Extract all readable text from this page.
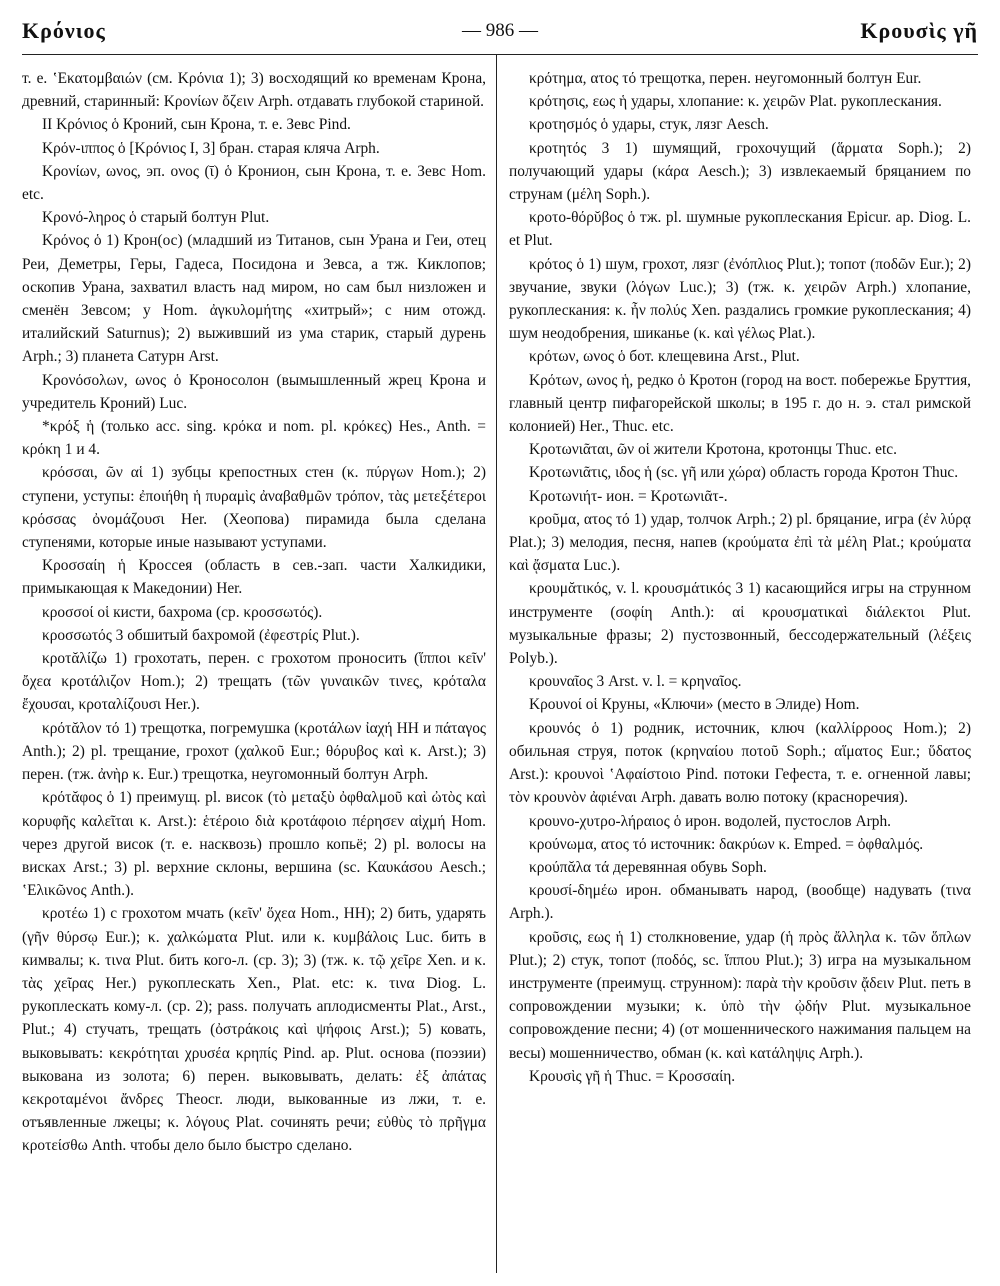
Κρόνιος	— 986 —	Κρουσὶς γῆ

т. е. ʽΕκατομβαιών (см. Κρόνια 1); 3) восходящий ко временам Крона, древний, старинный: Κρονίων ὄζειν Arph. отдавать глубокой стариной.

II Κρόνιος ὁ Кроний, сын Крона, т. е. Зевс Pind.

Κρόν-ιππος ὁ [Κρόνιος I, 3] бран. старая кляча Arph.

Κρονίων, ωνος, эп. ονος (ῑ) ὁ Кронион, сын Крона, т. е. Зевс Hom. etc.

Κρονό-ληρος ὁ старый болтун Plut.

Κρόνος ὁ 1) Крон(ос) (младший из Титанов, сын Урана и Геи, отец Реи, Деметры, Геры, Гадеса, Посидона и Зевса, а тж. Киклопов; оскопив Урана, захватил власть над миром, но сам был низложен и сменён Зевсом; у Hom. ἀγκυλομήτης «хитрый»; с ним отожд. италийский Saturnus); 2) выживший из ума старик, старый дурень Arph.; 3) планета Сатурн Arst.

Κρονόσολων, ωνος ὁ Кроносолон (вымышленный жрец Крона и учредитель Кроний) Luc.

*κρόξ ἡ (только acc. sing. κρόκα и nom. pl. κρόκες) Hes., Anth. = κρόκη 1 и 4.

κρόσσαι, ῶν αἱ 1) зубцы крепостных стен (κ. πύργων Hom.); 2) ступени, уступы: ἐποιήθη ἡ πυραμὶς ἀναβαθμῶν τρόπον, τὰς μετεξέτεροι κρόσσας ὀνομάζουσι Her. (Хеопова) пирамида была сделана ступенями, которые иные называют уступами.

Κροσσαίη ἡ Кроссея (область в сев.-зап. части Халкидики, примыкающая к Македонии) Her.

κροσσοί οἱ кисти, бахрома (ср. κροσσωτός).

κροσσωτός 3 обшитый бахромой (ἐφεστρίς Plut.).

κροτᾰλίζω 1) грохотать, перен. с грохотом проносить (ἵπποι κεῖν' ὄχεα κροτάλιζον Hom.); 2) трещать (τῶν γυναικῶν τινες, κρόταλα ἔχουσαι, κροταλίζουσι Her.).

κρότᾰλον τό 1) трещотка, погремушка (κροτάλων ἰαχή HH и πάταγος Anth.); 2) pl. трещание, грохот (χαλκοῦ Eur.; θόρυβος καὶ κ. Arst.); 3) перен. (тж. ἀνὴρ κ. Eur.) трещотка, неугомонный болтун Arph.

κρότᾰφος ὁ 1) преимущ. pl. висок (τὸ μεταξὺ ὀφθαλμοῦ καὶ ὠτὸς καὶ κορυφῆς καλεῖται κ. Arst.): ἑτέροιο διὰ κροτάφοιο πέρησεν αἰχμή Hom. через другой висок (т. е. насквозь) прошло копьё; 2) pl. волосы на висках Arst.; 3) pl. верхние склоны, вершина (sc. Καυκάσου Aesch.; ʽΕλικῶνος Anth.).

κροτέω 1) с грохотом мчать (κεῖν' ὄχεα Hom., HH); 2) бить, ударять (γῆν θύρσῳ Eur.); κ. χαλκώματα Plut. или κ. κυμβάλοις Luc. бить в кимвалы; κ. τινα Plut. бить кого-л. (ср. 3); 3) (тж. κ. τῷ χεῖρε Xen. и κ. τὰς χεῖρας Her.) рукоплескать Xen., Plat. etc: κ. τινα Diog. L. рукоплескать кому-л. (ср. 2); pass. получать аплодисменты Plat., Arst., Plut.; 4) стучать, трещать (ὀστράκοις καὶ ψήφοις Arst.); 5) ковать, выковывать: κεκρότηται χρυσέα κρηπίς Pind. ap. Plut. основа (поэзии) выкована из золота; 6) перен. выковывать, делать: ἐξ ἀπάτας κεκροταμένοι ἄνδρες Theocr. люди, выкованные из лжи, т. е. отъявленные лжецы; κ. λόγους Plat. сочинять речи; εὐθὺς τὸ πρῆγμα κροτείσθω Anth. чтобы дело было быстро сделано.

κρότημα, ατος τό трещотка, перен. неугомонный болтун Eur.

κρότησις, εως ἡ удары, хлопание: κ. χειρῶν Plat. рукоплескания.

κροτησμός ὁ удары, стук, лязг Aesch.

κροτητός 3 1) шумящий, грохочущий (ἅρματα Soph.); 2) получающий удары (κάρα Aesch.); 3) извлекаемый бряцанием по струнам (μέλη Soph.).

κροτο-θόρῠβος ὁ тж. pl. шумные рукоплескания Epicur. ap. Diog. L. et Plut.

κρότος ὁ 1) шум, грохот, лязг (ἐνόπλιος Plut.); топот (ποδῶν Eur.); 2) звучание, звуки (λόγων Luc.); 3) (тж. κ. χειρῶν Arph.) хлопание, рукоплескания: κ. ἦν πολύς Xen. раздались громкие рукоплескания; 4) шум неодобрения, шиканье (κ. καὶ γέλως Plat.).

κρότων, ωνος ὁ бот. клещевина Arst., Plut.

Κρότων, ωνος ἡ, редко ὁ Кротон (город на вост. побережье Бруттия, главный центр пифагорейской школы; в 195 г. до н. э. стал римской колонией) Her., Thuc. etc.

Κροτωνιᾶται, ῶν οἱ жители Кротона, кротонцы Thuc. etc.

Κροτωνιᾶτις, ιδος ἡ (sc. γῆ или χώρα) область города Кротон Thuc.

Κροτωνιήτ- ион. = Κροτωνιᾶτ-.

κροῦμα, ατος τό 1) удар, толчок Arph.; 2) pl. бряцание, игра (ἐν λύρᾳ Plat.); 3) мелодия, песня, напев (κρούματα ἐπὶ τὰ μέλη Plat.; κρούματα καὶ ᾄσματα Luc.).

κρουμᾰτικός, v. l. κρουσμάτικός 3 1) касающийся игры на струнном инструменте (σοφίη Anth.): αἱ κρουσματικαὶ διάλεκτοι Plut. музыкальные фразы; 2) пустозвонный, бессодержательный (λέξεις Polyb.).

κρουναῖος 3 Arst. v. l. = κρηναῖος.

Κρουνοί οἱ Круны, «Ключи» (место в Элиде) Hom.

κρουνός ὁ 1) родник, источник, ключ (καλλίρροος Hom.); 2) обильная струя, поток (κρηναίου ποτοῦ Soph.; αἵματος Eur.; ὕδατος Arst.): κρουνοὶ ʽΑφαίστοιο Pind. потоки Гефеста, т. е. огненной лавы; τὸν κρουνὸν ἀφιέναι Arph. давать волю потоку (красноречия).

κρουνο-χυτρο-λήραιος ὁ ирон. водолей, пустослов Arph.

κρούνωμα, ατος τό источник: δακρύων κ. Emped. = ὀφθαλμός.

κρούπᾰλα τά деревянная обувь Soph.

κρουσί-δημέω ирон. обманывать народ, (вообще) надувать (τινα Arph.).

κροῦσις, εως ἡ 1) столкновение, удар (ἡ πρὸς ἄλληλα κ. τῶν ὅπλων Plut.); 2) стук, топот (ποδός, sc. ἵππου Plut.); 3) игра на музыкальном инструменте (преимущ. струнном): παρὰ τὴν κροῦσιν ᾄδειν Plut. петь в сопровождении музыки; κ. ὑπὸ τὴν ᾠδήν Plut. музыкальное сопровождение песни; 4) (от мошеннического нажимания пальцем на весы) мошенничество, обман (κ. καὶ κατάληψις Arph.).

Κρουσὶς γῆ ἡ Thuc. = Κροσσαίη.
